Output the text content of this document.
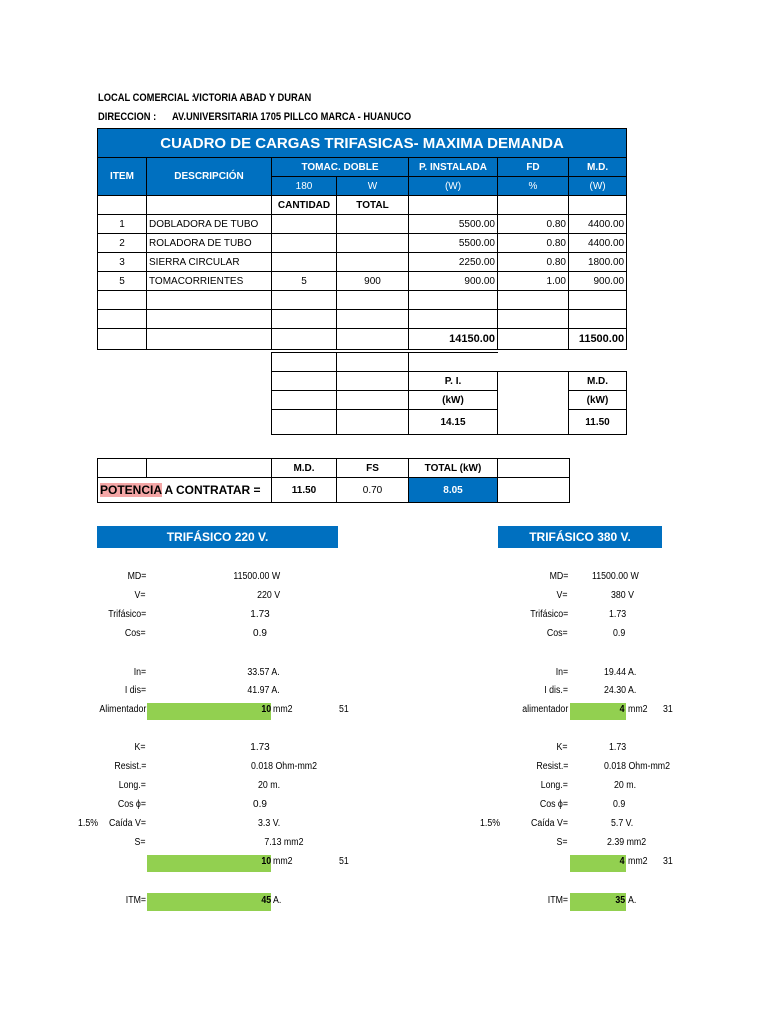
LOCAL COMERCIAL :
VICTORIA ABAD Y DURAN
DIRECCION : AV.UNIVERSITARIA 1705 PILLCO MARCA - HUANUCO
CUADRO DE CARGAS TRIFASICAS- MAXIMA DEMANDA						
ITEM	DESCRIPCIÓN	TOMAC. DOBLE		P. INSTALADA	FD	M.D.
		180	W	(W)	%	(W)
		CANTIDAD	TOTAL			
1	DOBLADORA DE TUBO			5500.00	0.80	4400.00
2	ROLADORA DE TUBO			5500.00	0.80	4400.00
3	SIERRA CIRCULAR			2250.00	0.80	1800.00
5	TOMACORRIENTES	5	900	900.00	1.00	900.00

				14150.00		11500.00

		P. I.		M.D.
		(kW)		(kW)
		14.15		11.50
		M.D.	FS	TOTAL (kW)	
POTENCIA A CONTRATAR =		11.50	0.70	8.05	
TRIFÁSICO 220 V.
MD=	11500.00 W
V=	220 V
Trifásico=	1.73
Cos=	0.9
In=	33.57 A.
I dis=	41.97 A.
Alimentador	10 mm2	51
K=	1.73
Resist.=	0.018 Ohm-mm2
Long.=	20 m.
Cos ϕ=	0.9
1.5% Caída V=	3.3 V.
S=	7.13 mm2
10 mm2	51
ITM=	45 A.
TRIFÁSICO 380 V.
MD= 11500.00 W
V=	380 V
Trifásico=	1.73
Cos=	0.9
In=	19.44 A.
I dis.=	24.30 A.
alimentador	4 mm2 31
K=	1.73
Resist.=	0.018 Ohm-mm2
Long.=	20 m.
Cos ϕ=	0.9
1.5%	Caída V=	5.7 V.
S=	2.39 mm2
4 mm2 31
ITM=	35 A.
